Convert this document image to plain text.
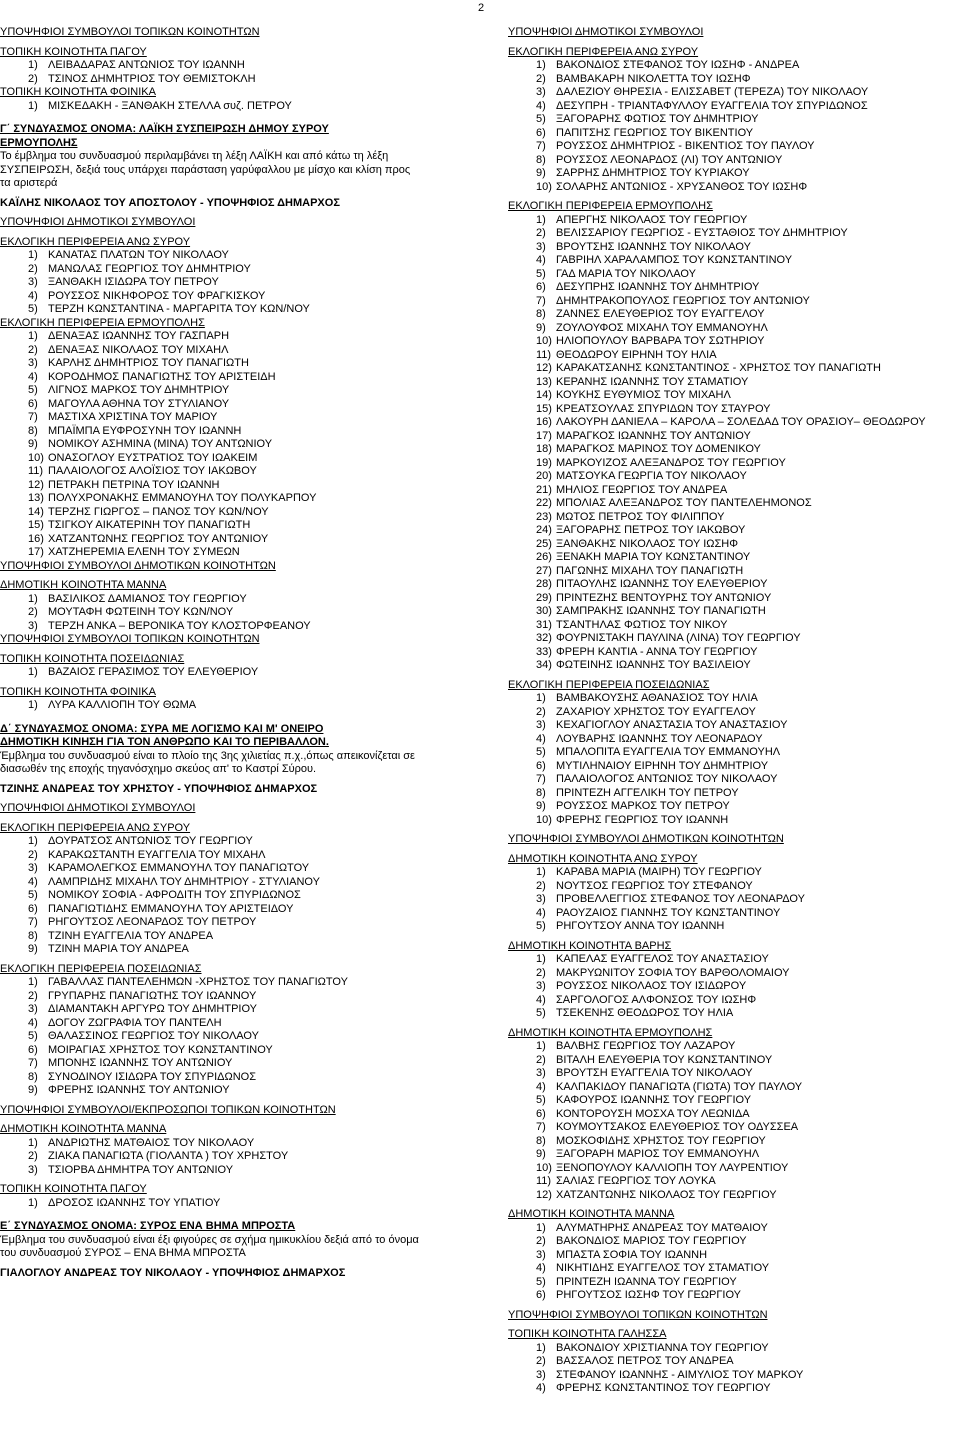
2
ΥΠΟΨΗΦΙΟΙ ΣΥΜΒΟΥΛΟΙ ΤΟΠΙΚΩΝ ΚΟΙΝΟΤΗΤΩΝ
ΤΟΠΙΚΗ ΚΟΙΝΟΤΗΤΑ ΠΑΓΟΥ
1) ΛΕΙΒΑΔΑΡΑΣ ΑΝΤΩΝΙΟΣ ΤΟΥ ΙΩΑΝΝΗ
2) ΤΣΙΝΟΣ ΔΗΜΗΤΡΙΟΣ ΤΟΥ ΘΕΜΙΣΤΟΚΛΗ
ΤΟΠΙΚΗ ΚΟΙΝΟΤΗΤΑ ΦΟΙΝΙΚΑ
1) ΜΙΣΚΕΔΑΚΗ - ΞΑΝΘΑΚΗ ΣΤΕΛΛΑ συζ. ΠΕΤΡΟΥ
Γ΄ ΣΥΝΔΥΑΣΜΟΣ ΟΝΟΜΑ: ΛΑΪΚΗ ΣΥΣΠΕΙΡΩΣΗ ΔΗΜΟΥ ΣΥΡΟΥ
ΕΡΜΟΥΠΟΛΗΣ
Το έμβλημα του συνδυασμού περιλαμβάνει τη λέξη ΛΑΪΚΗ και από κάτω τη λέξη
ΣΥΣΠΕΙΡΩΣΗ, δεξιά τους υπάρχει παράσταση γαρύφαλλου με μίσχο και κλίση προς
τα αριστερά
ΚΑΪΛΗΣ ΝΙΚΟΛΑΟΣ ΤΟΥ ΑΠΟΣΤΟΛΟΥ - ΥΠΟΨΗΦΙΟΣ ΔΗΜΑΡΧΟΣ
ΥΠΟΨΗΦΙΟΙ ΔΗΜΟΤΙΚΟΙ ΣΥΜΒΟΥΛΟΙ
ΕΚΛΟΓΙΚΗ ΠΕΡΙΦΕΡΕΙΑ ΑΝΩ ΣΥΡΟΥ
1) ΚΑΝΑΤΑΣ ΠΛΑΤΩΝ ΤΟΥ ΝΙΚΟΛΑΟΥ
2) ΜΑΝΩΛΑΣ ΓΕΩΡΓΙΟΣ ΤΟΥ ΔΗΜΗΤΡΙΟΥ
3) ΞΑΝΘΑΚΗ ΙΣΙΔΩΡΑ ΤΟΥ ΠΕΤΡΟΥ
4) ΡΟΥΣΣΟΣ ΝΙΚΗΦΟΡΟΣ ΤΟΥ ΦΡΑΓΚΙΣΚΟΥ
5) ΤΕΡΖΗ ΚΩΝΣΤΑΝΤΙΝΑ - ΜΑΡΓΑΡΙΤΑ ΤΟΥ ΚΩΝ/ΝΟΥ
ΕΚΛΟΓΙΚΗ ΠΕΡΙΦΕΡΕΙΑ ΕΡΜΟΥΠΟΛΗΣ
1) ΔΕΝΑΞΑΣ ΙΩΑΝΝΗΣ ΤΟΥ ΓΑΣΠΑΡΗ
2) ΔΕΝΑΞΑΣ ΝΙΚΟΛΑΟΣ ΤΟΥ ΜΙΧΑΗΛ
3) ΚΑΡΛΗΣ ΔΗΜΗΤΡΙΟΣ ΤΟΥ ΠΑΝΑΓΙΩΤΗ
4) ΚΟΡΟΔΗΜΟΣ ΠΑΝΑΓΙΩΤΗΣ ΤΟΥ ΑΡΙΣΤΕΙΔΗ
5) ΛΙΓΝΟΣ ΜΑΡΚΟΣ ΤΟΥ ΔΗΜΗΤΡΙΟΥ
6) ΜΑΓΟΥΛΑ ΑΘΗΝΑ ΤΟΥ ΣΤΥΛΙΑΝΟΥ
7) ΜΑΣΤΙΧΑ ΧΡΙΣΤΙΝΑ ΤΟΥ ΜΑΡΙΟΥ
8) ΜΠΑΪΜΠΑ ΕΥΦΡΟΣΥΝΗ ΤΟΥ ΙΩΑΝΝΗ
9) ΝΟΜΙΚΟΥ ΑΣΗΜΙΝΑ (ΜΙΝΑ) ΤΟΥ ΑΝΤΩΝΙΟΥ
10) ΟΝΑΣΟΓΛΟΥ ΕΥΣΤΡΑΤΙΟΣ ΤΟΥ ΙΩΑΚΕΙΜ
11) ΠΑΛΑΙΟΛΟΓΟΣ ΑΛΟΪΣΙΟΣ ΤΟΥ ΙΑΚΩΒΟΥ
12) ΠΕΤΡΑΚΗ ΠΕΤΡΙΝΑ ΤΟΥ ΙΩΑΝΝΗ
13) ΠΟΛΥΧΡΟΝΑΚΗΣ ΕΜΜΑΝΟΥΗΛ ΤΟΥ ΠΟΛΥΚΑΡΠΟΥ
14) ΤΕΡΖΗΣ ΓΙΩΡΓΟΣ – ΠΑΝΟΣ ΤΟΥ ΚΩΝ/ΝΟΥ
15) ΤΣΙΓΚΟΥ ΑΙΚΑΤΕΡΙΝΗ ΤΟΥ ΠΑΝΑΓΙΩΤΗ
16) ΧΑΤΖΑΝΤΩΝΗΣ ΓΕΩΡΓΙΟΣ ΤΟΥ ΑΝΤΩΝΙΟΥ
17) ΧΑΤΖΗΕΡΕΜΙΑ ΕΛΕΝΗ ΤΟΥ ΣΥΜΕΩΝ
ΥΠΟΨΗΦΙΟΙ ΣΥΜΒΟΥΛΟΙ ΔΗΜΟΤΙΚΩΝ ΚΟΙΝΟΤΗΤΩΝ
ΔΗΜΟΤΙΚΗ ΚΟΙΝΟΤΗΤΑ ΜΑΝΝΑ
1) ΒΑΣΙΛΙΚΟΣ ΔΑΜΙΑΝΟΣ ΤΟΥ ΓΕΩΡΓΙΟΥ
2) ΜΟΥΤΑΦΗ ΦΩΤΕΙΝΗ ΤΟΥ ΚΩΝ/ΝΟΥ
3) ΤΕΡΖΗ ΑΝΚΑ – ΒΕΡΟΝΙΚΑ ΤΟΥ ΚΛΟΣΤΟΡΦΕΑΝΟΥ
ΥΠΟΨΗΦΙΟΙ ΣΥΜΒΟΥΛΟΙ ΤΟΠΙΚΩΝ ΚΟΙΝΟΤΗΤΩΝ
ΤΟΠΙΚΗ ΚΟΙΝΟΤΗΤΑ ΠΟΣΕΙΔΩΝΙΑΣ
1) ΒΑΖΑΙΟΣ ΓΕΡΑΣΙΜΟΣ ΤΟΥ ΕΛΕΥΘΕΡΙΟΥ
ΤΟΠΙΚΗ ΚΟΙΝΟΤΗΤΑ ΦΟΙΝΙΚΑ
1) ΛΥΡΑ ΚΑΛΛΙΟΠΗ ΤΟΥ ΘΩΜΑ
Δ΄ ΣΥΝΔΥΑΣΜΟΣ ΟΝΟΜΑ: ΣΥΡΑ ΜΕ ΛΟΓΙΣΜΟ ΚΑΙ Μ' ΟΝΕΙΡΟ
ΔΗΜΟΤΙΚΗ ΚΙΝΗΣΗ ΓΙΑ ΤΟΝ ΑΝΘΡΩΠΟ ΚΑΙ ΤΟ ΠΕΡΙΒΑΛΛΟΝ.
Έμβλημα του συνδυασμού είναι το πλοίο της 3ης χιλιετίας π.χ.,όπως απεικονίζεται σε
διασωθέν της εποχής τηγανόσχημο σκεύος απ' το Καστρί Σύρου.
ΤΖΙΝΗΣ ΑΝΔΡΕΑΣ ΤΟΥ ΧΡΗΣΤΟΥ - ΥΠΟΨΗΦΙΟΣ ΔΗΜΑΡΧΟΣ
ΥΠΟΨΗΦΙΟΙ ΔΗΜΟΤΙΚΟΙ ΣΥΜΒΟΥΛΟΙ
ΕΚΛΟΓΙΚΗ ΠΕΡΙΦΕΡΕΙΑ ΑΝΩ ΣΥΡΟΥ
1) ΔΟΥΡΑΤΣΟΣ ΑΝΤΩΝΙΟΣ ΤΟΥ ΓΕΩΡΓΙΟΥ
2) ΚΑΡΑΚΩΣΤΑΝΤΗ ΕΥΑΓΓΕΛΙΑ ΤΟΥ ΜΙΧΑΗΛ
3) ΚΑΡΑΜΟΛΕΓΚΟΣ ΕΜΜΑΝΟΥΗΛ ΤΟΥ ΠΑΝΑΓΙΩΤΟΥ
4) ΛΑΜΠΡΙΔΗΣ ΜΙΧΑΗΛ ΤΟΥ ΔΗΜΗΤΡΙΟΥ - ΣΤΥΛΙΑΝΟΥ
5) ΝΟΜΙΚΟΥ ΣΟΦΙΑ - ΑΦΡΟΔΙΤΗ ΤΟΥ ΣΠΥΡΙΔΩΝΟΣ
6) ΠΑΝΑΓΙΩΤΙΔΗΣ ΕΜΜΑΝΟΥΗΛ ΤΟΥ ΑΡΙΣΤΕΙΔΟΥ
7) ΡΗΓΟΥΤΣΟΣ ΛΕΟΝΑΡΔΟΣ ΤΟΥ ΠΕΤΡΟΥ
8) ΤΖΙΝΗ ΕΥΑΓΓΕΛΙΑ ΤΟΥ ΑΝΔΡΕΑ
9) ΤΖΙΝΗ ΜΑΡΙΑ ΤΟΥ ΑΝΔΡΕΑ
ΕΚΛΟΓΙΚΗ ΠΕΡΙΦΕΡΕΙΑ ΠΟΣΕΙΔΩΝΙΑΣ
1) ΓΑΒΑΛΛΑΣ ΠΑΝΤΕΛΕΗΜΩΝ -ΧΡΗΣΤΟΣ ΤΟΥ ΠΑΝΑΓΙΩΤΟΥ
2) ΓΡΥΠΑΡΗΣ ΠΑΝΑΓΙΩΤΗΣ ΤΟΥ ΙΩΑΝΝΟΥ
3) ΔΙΑΜΑΝΤΑΚΗ ΑΡΓΥΡΩ ΤΟΥ ΔΗΜΗΤΡΙΟΥ
4) ΔΟΓΟΥ ΖΩΓΡΑΦΙΑ ΤΟΥ ΠΑΝΤΕΛΗ
5) ΘΑΛΑΣΣΙΝΟΣ ΓΕΩΡΓΙΟΣ ΤΟΥ ΝΙΚΟΛΑΟΥ
6) ΜΟΙΡΑΓΙΑΣ ΧΡΗΣΤΟΣ ΤΟΥ ΚΩΝΣΤΑΝΤΙΝΟΥ
7) ΜΠΟΝΗΣ ΙΩΑΝΝΗΣ ΤΟΥ ΑΝΤΩΝΙΟΥ
8) ΣΥΝΟΔΙΝΟΥ ΙΣΙΔΩΡΑ ΤΟΥ ΣΠΥΡΙΔΩΝΟΣ
9) ΦΡΕΡΗΣ ΙΩΑΝΝΗΣ ΤΟΥ ΑΝΤΩΝΙΟΥ
ΥΠΟΨΗΦΙΟΙ ΣΥΜΒΟΥΛΟΙ/ΕΚΠΡΟΣΩΠΟΙ ΤΟΠΙΚΩΝ ΚΟΙΝΟΤΗΤΩΝ
ΔΗΜΟΤΙΚΗ ΚΟΙΝΟΤΗΤΑ ΜΑΝΝΑ
1) ΑΝΔΡΙΩΤΗΣ ΜΑΤΘΑΙΟΣ ΤΟΥ ΝΙΚΟΛΑΟΥ
2) ΖΙΑΚΑ ΠΑΝΑΓΙΩΤΑ (ΓΙΟΛΑΝΤΑ ) ΤΟΥ ΧΡΗΣΤΟΥ
3) ΤΣΙΟΡΒΑ ΔΗΜΗΤΡΑ ΤΟΥ ΑΝΤΩΝΙΟΥ
ΤΟΠΙΚΗ ΚΟΙΝΟΤΗΤΑ ΠΑΓΟΥ
1) ΔΡΟΣΟΣ ΙΩΑΝΝΗΣ ΤΟΥ ΥΠΑΤΙΟΥ
Ε΄ ΣΥΝΔΥΑΣΜΟΣ ΟΝΟΜΑ: ΣΥΡΟΣ ΕΝΑ ΒΗΜΑ ΜΠΡΟΣΤΑ
Έμβλημα του συνδυασμού είναι έξι φιγούρες σε σχήμα ημικυκλίου δεξιά από το όνομα
του συνδυασμού ΣΥΡΟΣ – ΕΝΑ ΒΗΜΑ ΜΠΡΟΣΤΑ
ΓΙΑΛΟΓΛΟΥ ΑΝΔΡΕΑΣ ΤΟΥ ΝΙΚΟΛΑΟΥ - ΥΠΟΨΗΦΙΟΣ ΔΗΜΑΡΧΟΣ
ΥΠΟΨΗΦΙΟΙ ΔΗΜΟΤΙΚΟΙ ΣΥΜΒΟΥΛΟΙ
ΕΚΛΟΓΙΚΗ ΠΕΡΙΦΕΡΕΙΑ ΑΝΩ ΣΥΡΟΥ
1) ΒΑΚΟΝΔΙΟΣ ΣΤΕΦΑΝΟΣ ΤΟΥ ΙΩΣΗΦ - ΑΝΔΡΕΑ
2) ΒΑΜΒΑΚΑΡΗ ΝΙΚΟΛΕΤΤΑ ΤΟΥ ΙΩΣΗΦ
3) ΔΑΛΕΖΙΟΥ ΘΗΡΕΣΙΑ - ΕΛΙΣΣΑΒΕΤ (ΤΕΡΕΖΑ) ΤΟΥ ΝΙΚΟΛΑΟΥ
4) ΔΕΣΥΠΡΗ - ΤΡΙΑΝΤΑΦΥΛΛΟΥ ΕΥΑΓΓΕΛΙΑ ΤΟΥ ΣΠΥΡΙΔΩΝΟΣ
5) ΞΑΓΟΡΑΡΗΣ ΦΩΤΙΟΣ ΤΟΥ ΔΗΜΗΤΡΙΟΥ
6) ΠΑΠΙΤΣΗΣ ΓΕΩΡΓΙΟΣ ΤΟΥ ΒΙΚΕΝΤΙΟΥ
7) ΡΟΥΣΣΟΣ ΔΗΜΗΤΡΙΟΣ - ΒΙΚΕΝΤΙΟΣ ΤΟΥ ΠΑΥΛΟΥ
8) ΡΟΥΣΣΟΣ ΛΕΟΝΑΡΔΟΣ (ΛΙ) ΤΟΥ ΑΝΤΩΝΙΟΥ
9) ΣΑΡΡΗΣ ΔΗΜΗΤΡΙΟΣ ΤΟΥ ΚΥΡΙΑΚΟΥ
10) ΣΟΛΑΡΗΣ ΑΝΤΩΝΙΟΣ - ΧΡΥΣΑΝΘΟΣ ΤΟΥ ΙΩΣΗΦ
ΕΚΛΟΓΙΚΗ ΠΕΡΙΦΕΡΕΙΑ ΕΡΜΟΥΠΟΛΗΣ
1) ΑΠΕΡΓΗΣ ΝΙΚΟΛΑΟΣ ΤΟΥ ΓΕΩΡΓΙΟΥ
2) ΒΕΛΙΣΣΑΡΙΟΥ ΓΕΩΡΓΙΟΣ - ΕΥΣΤΑΘΙΟΣ ΤΟΥ ΔΗΜΗΤΡΙΟΥ
3) ΒΡΟΥΤΣΗΣ ΙΩΑΝΝΗΣ ΤΟΥ ΝΙΚΟΛΑΟΥ
4) ΓΑΒΡΙΗΛ ΧΑΡΑΛΑΜΠΟΣ ΤΟΥ ΚΩΝΣΤΑΝΤΙΝΟΥ
5) ΓΑΔ ΜΑΡΙΑ ΤΟΥ ΝΙΚΟΛΑΟΥ
6) ΔΕΣΥΠΡΗΣ ΙΩΑΝΝΗΣ ΤΟΥ ΔΗΜΗΤΡΙΟΥ
7) ΔΗΜΗΤΡΑΚΟΠΟΥΛΟΣ ΓΕΩΡΓΙΟΣ ΤΟΥ ΑΝΤΩΝΙΟΥ
8) ΖΑΝΝΕΣ ΕΛΕΥΘΕΡΙΟΣ ΤΟΥ ΕΥΑΓΓΕΛΟΥ
9) ΖΟΥΛΟΥΦΟΣ ΜΙΧΑΗΛ ΤΟΥ ΕΜΜΑΝΟΥΗΛ
10) ΗΛΙΟΠΟΥΛΟΥ ΒΑΡΒΑΡΑ ΤΟΥ ΣΩΤΗΡΙΟΥ
11) ΘΕΟΔΩΡΟΥ ΕΙΡΗΝΗ ΤΟΥ ΗΛΙΑ
12) ΚΑΡΑΚΑΤΣΑΝΗΣ ΚΩΝΣΤΑΝΤΙΝΟΣ - ΧΡΗΣΤΟΣ ΤΟΥ ΠΑΝΑΓΙΩΤΗ
13) ΚΕΡΑΝΗΣ ΙΩΑΝΝΗΣ ΤΟΥ ΣΤΑΜΑΤΙΟΥ
14) ΚΟΥΚΗΣ ΕΥΘΥΜΙΟΣ ΤΟΥ ΜΙΧΑΗΛ
15) ΚΡΕΑΤΣΟΥΛΑΣ ΣΠΥΡΙΔΩΝ ΤΟΥ ΣΤΑΥΡΟΥ
16) ΛΑΚΟΥΡΗ ΔΑΝΙΕΛΑ – ΚΑΡΟΛΑ – ΣΟΛΕΔΑΔ ΤΟΥ ΟΡΑΣΙΟΥ– ΘΕΟΔΩΡΟΥ
17) ΜΑΡΑΓΚΟΣ ΙΩΑΝΝΗΣ ΤΟΥ ΑΝΤΩΝΙΟΥ
18) ΜΑΡΑΓΚΟΣ ΜΑΡΙΝΟΣ ΤΟΥ ΔΟΜΕΝΙΚΟΥ
19) ΜΑΡΚΟΥΙΖΟΣ ΑΛΕΞΑΝΔΡΟΣ ΤΟΥ ΓΕΩΡΓΙΟΥ
20) ΜΑΤΣΟΥΚΑ ΓΕΩΡΓΙΑ ΤΟΥ ΝΙΚΟΛΑΟΥ
21) ΜΗΛΙΟΣ ΓΕΩΡΓΙΟΣ ΤΟΥ ΑΝΔΡΕΑ
22) ΜΠΟΛΙΑΣ ΑΛΕΞΑΝΔΡΟΣ ΤΟΥ ΠΑΝΤΕΛΕΗΜΟΝΟΣ
23) ΜΩΤΟΣ ΠΕΤΡΟΣ ΤΟΥ ΦΙΛΙΠΠΟΥ
24) ΞΑΓΟΡΑΡΗΣ ΠΕΤΡΟΣ ΤΟΥ ΙΑΚΩΒΟΥ
25) ΞΑΝΘΑΚΗΣ ΝΙΚΟΛΑΟΣ ΤΟΥ ΙΩΣΗΦ
26) ΞΕΝΑΚΗ ΜΑΡΙΑ ΤΟΥ ΚΩΝΣΤΑΝΤΙΝΟΥ
27) ΠΑΓΩΝΗΣ ΜΙΧΑΗΛ ΤΟΥ ΠΑΝΑΓΙΩΤΗ
28) ΠΙΤΑΟΥΛΗΣ ΙΩΑΝΝΗΣ ΤΟΥ ΕΛΕΥΘΕΡΙΟΥ
29) ΠΡΙΝΤΕΖΗΣ ΒΕΝΤΟΥΡΗΣ ΤΟΥ ΑΝΤΩΝΙΟΥ
30) ΣΑΜΠΡΑΚΗΣ ΙΩΑΝΝΗΣ ΤΟΥ ΠΑΝΑΓΙΩΤΗ
31) ΤΣΑΝΤΗΛΑΣ ΦΩΤΙΟΣ ΤΟΥ ΝΙΚΟΥ
32) ΦΟΥΡΝΙΣΤΑΚΗ ΠΑΥΛΙΝΑ (ΛΙΝΑ) ΤΟΥ ΓΕΩΡΓΙΟΥ
33) ΦΡΕΡΗ ΚΑΝΤΙΑ - ΑΝΝΑ ΤΟΥ ΓΕΩΡΓΙΟΥ
34) ΦΩΤΕΙΝΗΣ ΙΩΑΝΝΗΣ ΤΟΥ ΒΑΣΙΛΕΙΟΥ
ΕΚΛΟΓΙΚΗ ΠΕΡΙΦΕΡΕΙΑ ΠΟΣΕΙΔΩΝΙΑΣ
1) ΒΑΜΒΑΚΟΥΣΗΣ ΑΘΑΝΑΣΙΟΣ ΤΟΥ ΗΛΙΑ
2) ΖΑΧΑΡΙΟΥ ΧΡΗΣΤΟΣ ΤΟΥ ΕΥΑΓΓΕΛΟΥ
3) ΚΕΧΑΓΙΟΓΛΟΥ ΑΝΑΣΤΑΣΙΑ ΤΟΥ ΑΝΑΣΤΑΣΙΟΥ
4) ΛΟΥΒΑΡΗΣ ΙΩΑΝΝΗΣ ΤΟΥ ΛΕΟΝΑΡΔΟΥ
5) ΜΠΑΛΟΠΙΤΑ ΕΥΑΓΓΕΛΙΑ ΤΟΥ ΕΜΜΑΝΟΥΗΛ
6) ΜΥΤΙΛΗΝΑΙΟΥ ΕΙΡΗΝΗ ΤΟΥ ΔΗΜΗΤΡΙΟΥ
7) ΠΑΛΑΙΟΛΟΓΟΣ ΑΝΤΩΝΙΟΣ ΤΟΥ ΝΙΚΟΛΑΟΥ
8) ΠΡΙΝΤΕΖΗ ΑΓΓΕΛΙΚΗ ΤΟΥ ΠΕΤΡΟΥ
9) ΡΟΥΣΣΟΣ ΜΑΡΚΟΣ ΤΟΥ ΠΕΤΡΟΥ
10) ΦΡΕΡΗΣ ΓΕΩΡΓΙΟΣ ΤΟΥ ΙΩΑΝΝΗ
ΥΠΟΨΗΦΙΟΙ ΣΥΜΒΟΥΛΟΙ ΔΗΜΟΤΙΚΩΝ ΚΟΙΝΟΤΗΤΩΝ
ΔΗΜΟΤΙΚΗ ΚΟΙΝΟΤΗΤΑ ΑΝΩ ΣΥΡΟΥ
1) ΚΑΡΑΒΑ ΜΑΡΙΑ (ΜΑΙΡΗ) ΤΟΥ ΓΕΩΡΓΙΟΥ
2) ΝΟΥΤΣΟΣ ΓΕΩΡΓΙΟΣ ΤΟΥ ΣΤΕΦΑΝΟΥ
3) ΠΡΟΒΕΛΛΕΓΓΙΟΣ ΣΤΕΦΑΝΟΣ ΤΟΥ ΛΕΟΝΑΡΔΟΥ
4) ΡΑΟΥΖΑΙΟΣ ΓΙΑΝΝΗΣ ΤΟΥ ΚΩΝΣΤΑΝΤΙΝΟΥ
5) ΡΗΓΟΥΤΣΟΥ ΑΝΝΑ ΤΟΥ ΙΩΑΝΝΗ
ΔΗΜΟΤΙΚΗ ΚΟΙΝΟΤΗΤΑ ΒΑΡΗΣ
1) ΚΑΠΕΛΑΣ ΕΥΑΓΓΕΛΟΣ ΤΟΥ ΑΝΑΣΤΑΣΙΟΥ
2) ΜΑΚΡΥΩΝΙΤΟΥ ΣΟΦΙΑ ΤΟΥ ΒΑΡΘΟΛΟΜΑΙΟΥ
3) ΡΟΥΣΣΟΣ ΝΙΚΟΛΑΟΣ ΤΟΥ ΙΣΙΔΩΡΟΥ
4) ΣΑΡΓΟΛΟΓΟΣ ΑΛΦΟΝΣΟΣ ΤΟΥ ΙΩΣΗΦ
5) ΤΣΕΚΕΝΗΣ ΘΕΟΔΩΡΟΣ ΤΟΥ ΗΛΙΑ
ΔΗΜΟΤΙΚΗ ΚΟΙΝΟΤΗΤΑ ΕΡΜΟΥΠΟΛΗΣ
1) ΒΑΛΒΗΣ ΓΕΩΡΓΙΟΣ ΤΟΥ ΛΑΖΑΡΟΥ
2) ΒΙΤΑΛΗ ΕΛΕΥΘΕΡΙΑ ΤΟΥ ΚΩΝΣΤΑΝΤΙΝΟΥ
3) ΒΡΟΥΤΣΗ ΕΥΑΓΓΕΛΙΑ ΤΟΥ ΝΙΚΟΛΑΟΥ
4) ΚΑΛΠΑΚΙΔΟΥ ΠΑΝΑΓΙΩΤΑ (ΓΙΩΤΑ) ΤΟΥ ΠΑΥΛΟΥ
5) ΚΑΦΟΥΡΟΣ ΙΩΑΝΝΗΣ ΤΟΥ ΓΕΩΡΓΙΟΥ
6) ΚΟΝΤΟΡΟΥΣΗ ΜΟΣΧΑ ΤΟΥ ΛΕΩΝΙΔΑ
7) ΚΟΥΜΟΥΤΣΑΚΟΣ ΕΛΕΥΘΕΡΙΟΣ ΤΟΥ ΟΔΥΣΣΕΑ
8) ΜΟΣΚΟΦΙΔΗΣ ΧΡΗΣΤΟΣ ΤΟΥ ΓΕΩΡΓΙΟΥ
9) ΞΑΓΟΡΑΡΗ ΜΑΡΙΟΣ ΤΟΥ ΕΜΜΑΝΟΥΗΛ
10) ΞΕΝΟΠΟΥΛΟΥ ΚΑΛΛΙΟΠΗ ΤΟΥ ΛΑΥΡΕΝΤΙΟΥ
11) ΣΑΛΙΑΣ ΓΕΩΡΓΙΟΣ ΤΟΥ ΛΟΥΚΑ
12) ΧΑΤΖΑΝΤΩΝΗΣ ΝΙΚΟΛΑΟΣ ΤΟΥ ΓΕΩΡΓΙΟΥ
ΔΗΜΟΤΙΚΗ ΚΟΙΝΟΤΗΤΑ ΜΑΝΝΑ
1) ΑΛΥΜΑΤΗΡΗΣ ΑΝΔΡΕΑΣ ΤΟΥ ΜΑΤΘΑΙΟΥ
2) ΒΑΚΟΝΔΙΟΣ ΜΑΡΙΟΣ ΤΟΥ ΓΕΩΡΓΙΟΥ
3) ΜΠΑΣΤΑ ΣΟΦΙΑ ΤΟΥ ΙΩΑΝΝΗ
4) ΝΙΚΗΤΙΔΗΣ ΕΥΑΓΓΕΛΟΣ ΤΟΥ ΣΤΑΜΑΤΙΟΥ
5) ΠΡΙΝΤΕΖΗ ΙΩΑΝΝΑ ΤΟΥ ΓΕΩΡΓΙΟΥ
6) ΡΗΓΟΥΤΣΟΣ ΙΩΣΗΦ ΤΟΥ ΓΕΩΡΓΙΟΥ
ΥΠΟΨΗΦΙΟΙ ΣΥΜΒΟΥΛΟΙ ΤΟΠΙΚΩΝ ΚΟΙΝΟΤΗΤΩΝ
ΤΟΠΙΚΗ ΚΟΙΝΟΤΗΤΑ ΓΑΛΗΣΣΑ
1) ΒΑΚΟΝΔΙΟΥ ΧΡΙΣΤΙΑΝΝΑ ΤΟΥ ΓΕΩΡΓΙΟΥ
2) ΒΑΣΣΑΛΟΣ ΠΕΤΡΟΣ ΤΟΥ ΑΝΔΡΕΑ
3) ΣΤΕΦΑΝΟΥ ΙΩΑΝΝΗΣ - ΑΙΜΥΛΙΟΣ ΤΟΥ ΜΑΡΚΟΥ
4) ΦΡΕΡΗΣ ΚΩΝΣΤΑΝΤΙΝΟΣ ΤΟΥ ΓΕΩΡΓΙΟΥ
